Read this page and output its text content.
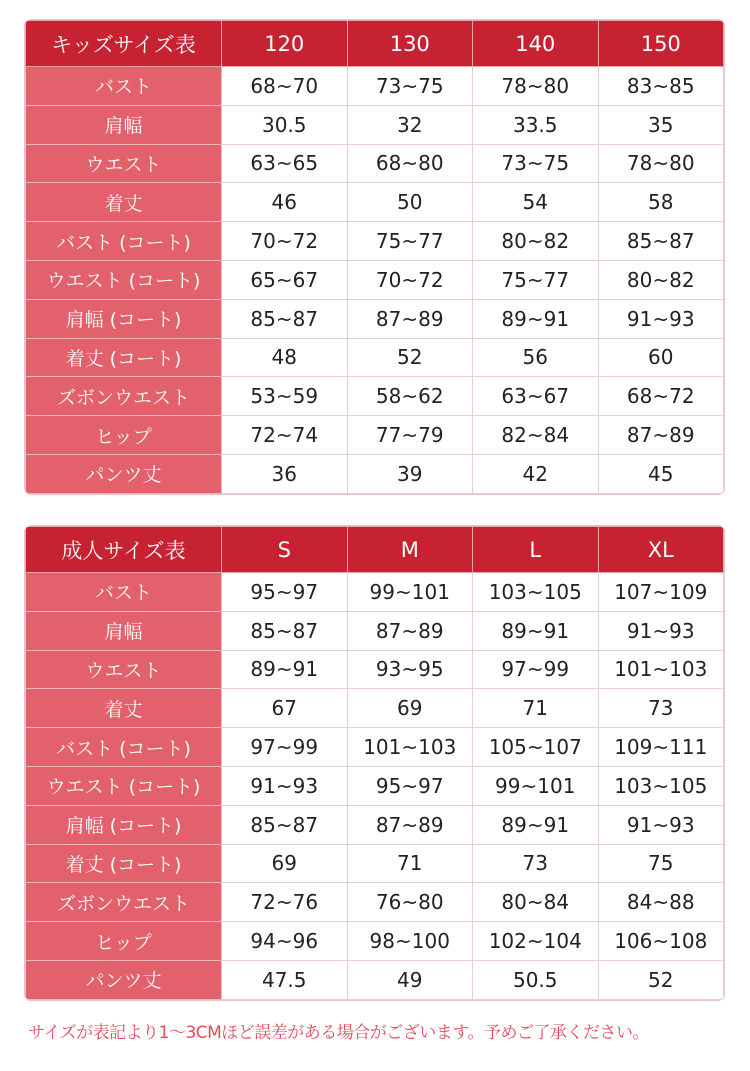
キッズサイズ表	120	130	140	150
バスト	68~70	73~75	78~80	83~85
肩幅	30.5	32	33.5	35
ウエスト	63~65	68~80	73~75	78~80
着丈	46	50	54	58
バスト (コート)	70~72	75~77	80~82	85~87
ウエスト (コート)	65~67	70~72	75~77	80~82
肩幅 (コート)	85~87	87~89	89~91	91~93
着丈 (コート)	48	52	56	60
ズボンウエスト	53~59	58~62	63~67	68~72
ヒップ	72~74	77~79	82~84	87~89
パンツ丈	36	39	42	45
成人サイズ表	S	M	L	XL
バスト	95~97	99~101	103~105	107~109
肩幅	85~87	87~89	89~91	91~93
ウエスト	89~91	93~95	97~99	101~103
着丈	67	69	71	73
バスト (コート)	97~99	101~103	105~107	109~111
ウエスト (コート)	91~93	95~97	99~101	103~105
肩幅 (コート)	85~87	87~89	89~91	91~93
着丈 (コート)	69	71	73	75
ズボンウエスト	72~76	76~80	80~84	84~88
ヒップ	94~96	98~100	102~104	106~108
パンツ丈	47.5	49	50.5	52
サイズが表記より1～3CMほど誤差がある場合がございます。予めご了承ください。
